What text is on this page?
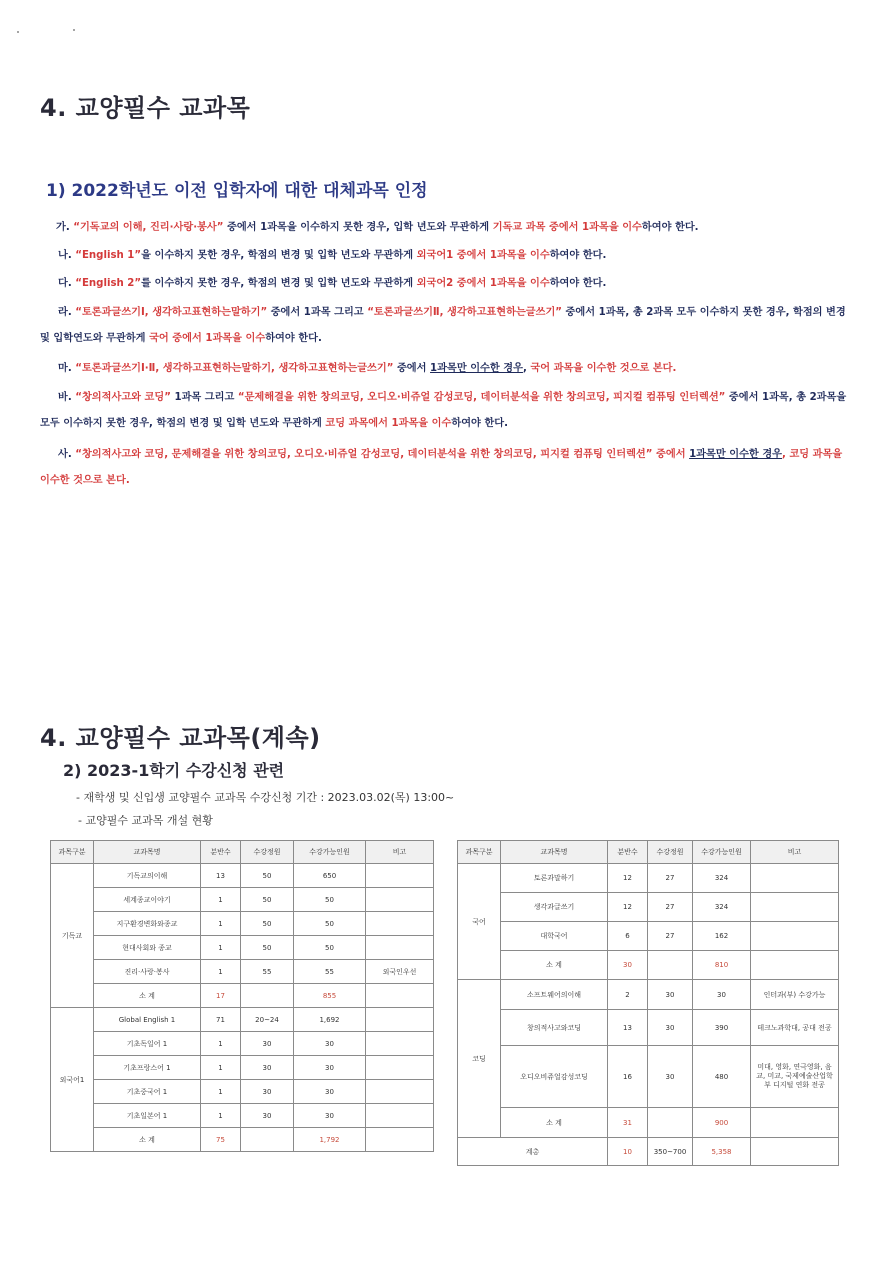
4. 교양필수 교과목
1) 2022학년도 이전 입학자에 대한 대체과목 인정
가. “기독교의 이해, 진리·사랑·봉사” 중에서 1과목을 이수하지 못한 경우, 입학 년도와 무관하게 기독교 과목 중에서 1과목을 이수하여야 한다.
나. “English 1”을 이수하지 못한 경우, 학점의 변경 및 입학 년도와 무관하게 외국어1 중에서 1과목을 이수하여야 한다.
다. “English 2”를 이수하지 못한 경우, 학점의 변경 및 입학 년도와 무관하게 외국어2 중에서 1과목을 이수하여야 한다.
라. “토론과글쓰기Ⅰ, 생각하고표현하는말하기” 중에서 1과목 그리고 “토론과글쓰기Ⅱ, 생각하고표현하는글쓰기” 중에서 1과목, 총 2과목 모두 이수하지 못한 경우, 학점의 변경 및 입학연도와 무관하게 국어 중에서 1과목을 이수하여야 한다.
마. “토론과글쓰기Ⅰ·Ⅱ, 생각하고표현하는말하기, 생각하고표현하는글쓰기” 중에서 1과목만 이수한 경우, 국어 과목을 이수한 것으로 본다.
바. “창의적사고와 코딩” 1과목 그리고 “문제해결을 위한 창의코딩, 오디오·비쥬얼 감성코딩, 데이터분석을 위한 창의코딩, 피지컬 컴퓨팅 인터렉션” 중에서 1과목, 총 2과목을 모두 이수하지 못한 경우, 학점의 변경 및 입학 년도와 무관하게 코딩 과목에서 1과목을 이수하여야 한다.
사. “창의적사고와 코딩, 문제해결을 위한 창의코딩, 오디오·비쥬얼 감성코딩, 데이터분석을 위한 창의코딩, 피지컬 컴퓨팅 인터렉션” 중에서 1과목만 이수한 경우, 코딩 과목을 이수한 것으로 본다.
4. 교양필수 교과목(계속)
2) 2023-1학기 수강신청 관련
- 재학생 및 신입생 교양필수 교과목 수강신청 기간 : 2023.03.02(목) 13:00~
- 교양필수 교과목 개설 현황
과목구분	교과목명	분반수	수강정원	수강가능인원	비고
기독교	기독교의이해	13	50	650	
	세계종교이야기	1	50	50	
	지구환경변화와종교	1	50	50	
	현대사회와 종교	1	50	50	
	진리·사랑·봉사	1	55	55	외국인우선
	소 계	17		855	
외국어1	Global English 1	71	20~24	1,692	
	기초독일어 1	1	30	30	
	기초프랑스어 1	1	30	30	
	기초중국어 1	1	30	30	
	기초일본어 1	1	30	30	
	소 계	75		1,792	
과목구분	교과목명	분반수	수강정원	수강가능인원	비고
국어	토론과말하기	12	27	324	
	생각과글쓰기	12	27	324	
	대학국어	6	27	162	
	소 계	30		810	
코딩	소프트웨어의이해	2	30	30	인터과(부) 수강가능
	창의적사고와코딩	13	30	390	테크노과학대, 공대 전공
	오디오비쥬얼감성코딩	16	30	480	미대, 영화, 연극영화, 음교, 미교, 국제예술산업학부 디지털 연화 전공
	소 계	31		900	
계총		10	350~700	5,358	
